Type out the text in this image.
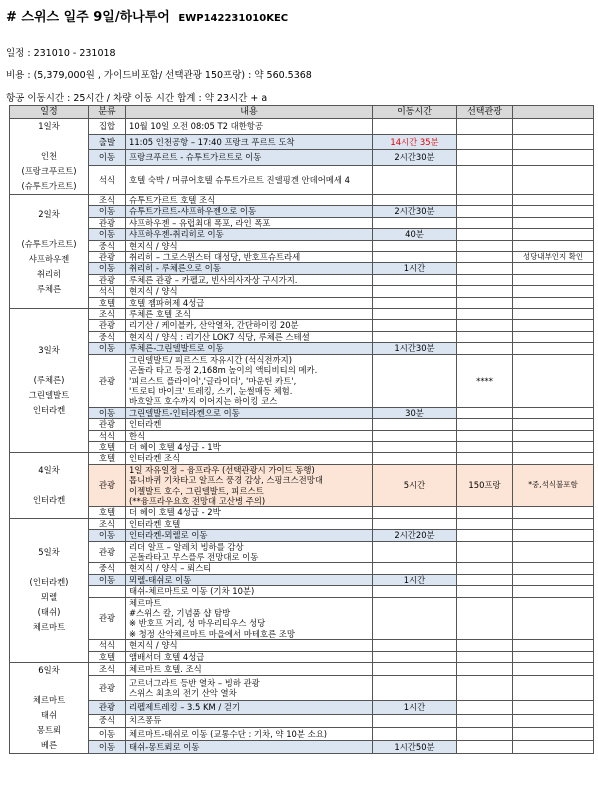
# 스위스 일주 9일/하나투어 EWP142231010KEC
일정 : 231010 - 231018
비용 : (5,379,000원 , 가이드비포함/ 선택관광 150프랑) : 약 560.5368
항공 이동시간 : 25시간 / 차량 이동 시간 합계 : 약 23시간 + a
일정	분류	내용	이동시간	선택관광	

1일차

인천
(프랑크푸르트)
(슈투트가르트)	집합	10월 10일 오전 08:05 T2 대한항공			

	출발	11:05 인천공항 – 17:40 프랑크 푸르트 도착	14시간 35분		
	이동	프랑크푸르트 - 슈투트가르트로 이동	2시간30분		
	석식	호텔 숙박 / 머큐어호텔 슈투트가르트 진델핑겐 안데어메세 4			

2일차

(슈투트가르트)
샤프하우젠
취리히
루체른	조식	슈투트가르트 호텔 조식			

	이동	슈투트가르트-샤프하우젠으로 이동	2시간30분		
	관광	샤프하우젠 – 유럽최대 폭포, 라인 폭포			

	이동	샤프하우젠-취리히로 이동	40분		
	중식	현지식 / 양식			

	관광	취리히 – 그로스뮌스터 대성당, 반호프슈트라세			성당내부인지 확인
	이동	취리히 - 루체른으로 이동	1시간		
	관광	루체른 관광 – 카펠교, 빈사의사자상 구시가지.			

	석식	현지식 / 양식			

	호텔	호텔 젬파허제 4성급			

3일차

(루체른)
그린델발트
인터라켄	조식	루체른 호텔 조식			

	관광	리기산 / 케이블카, 산악열차, 간단하이킹 20분			

	중식	현지식 / 양식 : 리기산 LOK7 식당, 루체른 스테셜			

	이동	루체른-그린델발트로 이동	1시간30분		
	관광	그린델발트/ 피르스트 자유시간 (석식전까지)
곤돌라 타고 등정 2,168m 높이의 액티비티의 메카.
'피르스트 플라이어','글라이더', '마운틴 카트',
'트로티 바이크' 트레킹, 스키, 눈썰매등 체험.
바흐알프 호수까지 이어지는 하이킹 코스		****	
	이동	그린델발트-인터라켄으로 이동	30분		
	관광	인터라켄			

	석식	한식			

	호텔	더 헤이 호텔 4성급 - 1박			

4일차

인터라켄	호텔	인터라켄 조식			

	관광	1일 자유일정 – 융프라우 (선택관광시 가이드 동행)
톱니바퀴 기차타고 알프스 풍경 감상, 스핑크스전망대
이젤발트 호수, 그린델발트, 피르스트
(**융프라우요흐 전망대 고산병 주의)	5시간	150프랑	*중,석식불포함
	호텔	더 헤이 호텔 4성급 - 2박			

5일차

(인터라켄)
뫼렐
(태쉬)
체르마트	조식	인터라켄 호텔			

	이동	인터라켄-뫼렐로 이동	2시간20분		
	관광	리더 알프 – 알레치 빙하를 감상
곤돌라타고 무스플루 전망대로 이동			

	중식	현지식 / 양식 – 뢰스티			

	이동	뫼렐-태쉬로 이동	1시간		

		태쉬-체르마트로 이동 (기차 10분)			

	관광	체르마트
#스위스 칼, 기념품 샵 탐방
※ 반호프 거리, 성 마우리티우스 성당
※ 청정 산악체르마트 마을에서 마테호른 조망			

	석식	현지식 / 양식			

	호텔	앰배서더 호텔 4성급			

6일차

체르마트
태쉬
몽트뢰
베른	조식	체르마트 호텔. 조식			

	관광	고르너그라트 등반 열차 – 빙하 관광
스위스 최초의 전기 산악 열차			

	관광	리펠제트레킹 – 3.5 KM / 걷기	1시간		
	중식	치즈퐁듀			

	이동	체르마트-태쉬로 이동 (교통수단 : 기차, 약 10분 소요)			

	이동	태쉬-몽트뢰로 이동	1시간50분		
